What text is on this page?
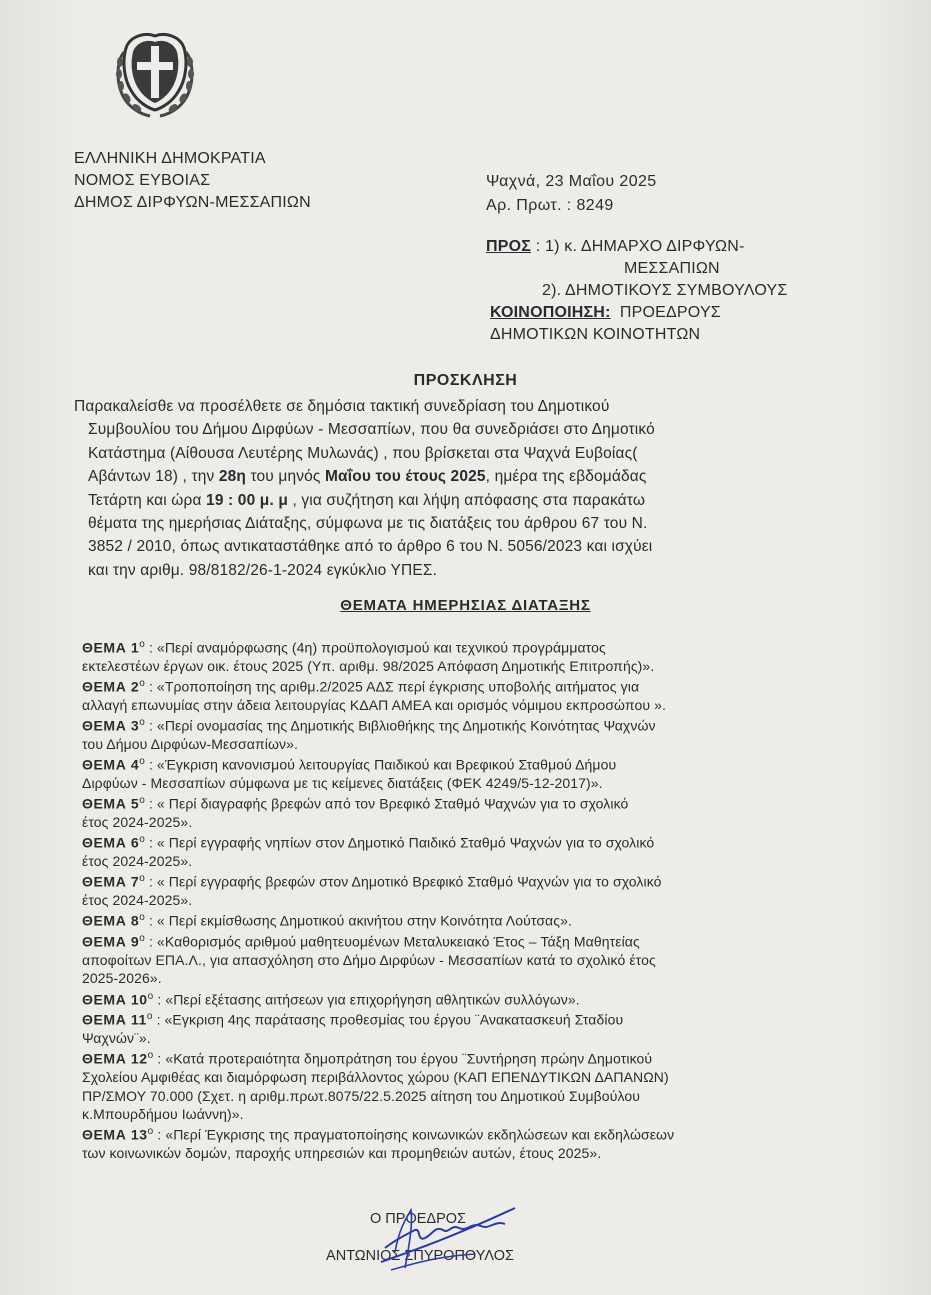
ΕΛΛΗΝΙΚΗ ΔΗΜΟΚΡΑΤΙΑ
ΝΟΜΟΣ ΕΥΒΟΙΑΣ
ΔΗΜΟΣ ΔΙΡΦΥΩΝ-ΜΕΣΣΑΠΙΩΝ
Ψαχνά, 23 Μαΐου 2025
Αρ. Πρωτ. : 8249
ΠΡΟΣ : 1) κ. ΔΗΜΑΡΧΟ ΔΙΡΦΥΩΝ-
ΜΕΣΣΑΠΙΩΝ
2). ΔΗΜΟΤΙΚΟΥΣ ΣΥΜΒΟΥΛΟΥΣ
ΚΟΙΝΟΠΟΙΗΣΗ: ΠΡΟΕΔΡΟΥΣ
ΔΗΜΟΤΙΚΩΝ ΚΟΙΝΟΤΗΤΩΝ
ΠΡΟΣΚΛΗΣΗ
Παρακαλείσθε να προσέλθετε σε δημόσια τακτική συνεδρίαση του Δημοτικού
Συμβουλίου του Δήμου Διρφύων - Μεσσαπίων, που θα συνεδριάσει στο Δημοτικό
Κατάστημα (Αίθουσα Λευτέρης Μυλωνάς) , που βρίσκεται στα Ψαχνά Ευβοίας(
Αβάντων 18) , την 28η του μηνός Μαΐου του έτους 2025, ημέρα της εβδομάδας
Τετάρτη και ώρα 19 : 00 μ. μ , για συζήτηση και λήψη απόφασης στα παρακάτω
θέματα της ημερήσιας Διάταξης, σύμφωνα με τις διατάξεις του άρθρου 67 του Ν.
3852 / 2010, όπως αντικαταστάθηκε από το άρθρο 6 του Ν. 5056/2023 και ισχύει
και την αριθμ. 98/8182/26-1-2024 εγκύκλιο ΥΠΕΣ.
ΘΕΜΑΤΑ ΗΜΕΡΗΣΙΑΣ ΔΙΑΤΑΞΗΣ
ΘΕΜΑ $1^o$ : «Περί αναμόρφωσης (4η) προϋπολογισμού και τεχνικού προγράμματος
εκτελεστέων έργων οικ. έτους 2025 (Υπ. αριθμ. 98/2025 Απόφαση Δημοτικής Επιτροπής)».
ΘΕΜΑ $2^o$ : «Τροποποίηση της αριθμ.2/2025 ΑΔΣ περί έγκρισης υποβολής αιτήματος για
αλλαγή επωνυμίας στην άδεια λειτουργίας ΚΔΑΠ ΑΜΕΑ και ορισμός νόμιμου εκπροσώπου ».
ΘΕΜΑ $3^o$ : «Περί ονομασίας της Δημοτικής Βιβλιοθήκης της Δημοτικής Κοινότητας Ψαχνών
του Δήμου Διρφύων-Μεσσαπίων».
ΘΕΜΑ $4^o$ : «Έγκριση κανονισμού λειτουργίας Παιδικού και Βρεφικού Σταθμού Δήμου
Διρφύων - Μεσσαπίων σύμφωνα με τις κείμενες διατάξεις (ΦΕΚ 4249/5-12-2017)».
ΘΕΜΑ $5^o$ : « Περί διαγραφής βρεφών από τον Βρεφικό Σταθμό Ψαχνών για το σχολικό
έτος 2024-2025».
ΘΕΜΑ $6^o$ : « Περί εγγραφής νηπίων στον Δημοτικό Παιδικό Σταθμό Ψαχνών για το σχολικό
έτος 2024-2025».
ΘΕΜΑ $7^o$ : « Περί εγγραφής βρεφών στον Δημοτικό Βρεφικό Σταθμό Ψαχνών για το σχολικό
έτος 2024-2025».
ΘΕΜΑ $8^o$ : « Περί εκμίσθωσης Δημοτικού ακινήτου στην Κοινότητα Λούτσας».
ΘΕΜΑ $9^o$ : «Καθορισμός αριθμού μαθητευομένων Μεταλυκειακό Έτος – Τάξη Μαθητείας
αποφοίτων ΕΠΑ.Λ., για απασχόληση στο Δήμο Διρφύων - Μεσσαπίων κατά το σχολικό έτος
2025-2026».
ΘΕΜΑ $10^o$ : «Περί εξέτασης αιτήσεων για επιχορήγηση αθλητικών συλλόγων».
ΘΕΜΑ $11^o$ : «Εγκριση 4ης παράτασης προθεσμίας του έργου ¨Ανακατασκευή Σταδίου
Ψαχνών¨».
ΘΕΜΑ $12^o$ : «Κατά προτεραιότητα δημοπράτηση του έργου ¨Συντήρηση πρώην Δημοτικού
Σχολείου Αμφιθέας και διαμόρφωση περιβάλλοντος χώρου (ΚΑΠ ΕΠΕΝΔΥΤΙΚΩΝ ΔΑΠΑΝΩΝ)
ΠΡ/ΣΜΟΥ 70.000 (Σχετ. η αριθμ.πρωτ.8075/22.5.2025 αίτηση του Δημοτικού Συμβούλου
κ.Μπουρδήμου Ιωάννη)».
ΘΕΜΑ $13^o$ : «Περί Έγκρισης της πραγματοποίησης κοινωνικών εκδηλώσεων και εκδηλώσεων
των κοινωνικών δομών, παροχής υπηρεσιών και προμηθειών αυτών, έτους 2025».
Ο ΠΡΟΕΔΡΟΣ
ΑΝΤΩΝΙΟΣ ΣΠΥΡΟΠΟΥΛΟΣ
